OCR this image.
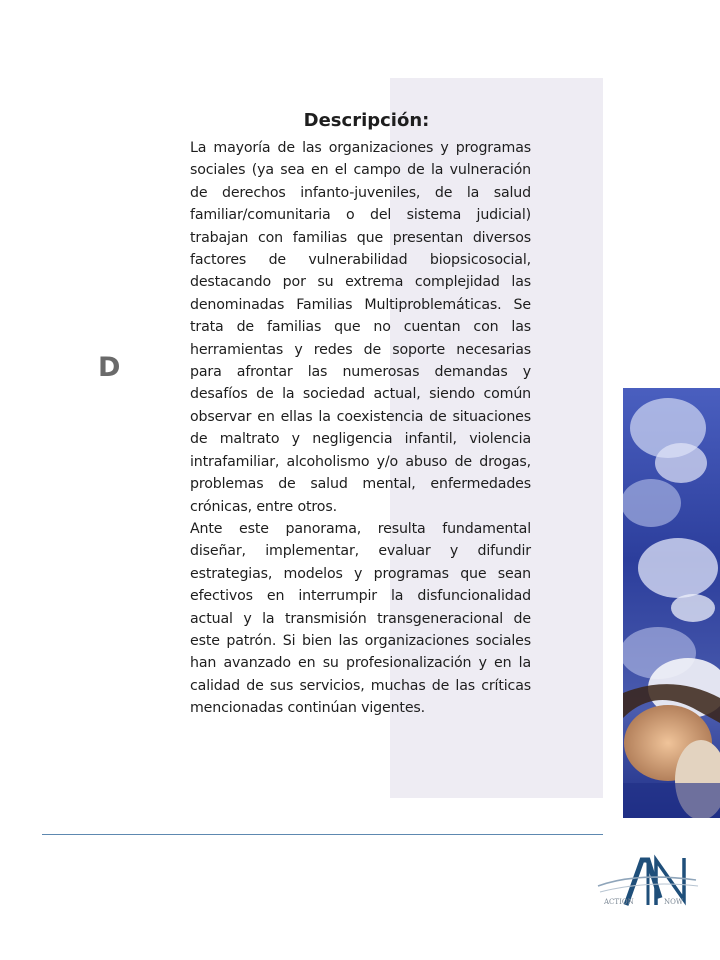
D
Descripción:

La mayoría de las organizaciones y programas sociales (ya sea en el campo de la vulneración de derechos infanto-juveniles, de la salud familiar/comunitaria o del sistema judicial) trabajan con familias que presentan diversos factores de vulnerabilidad biopsicosocial, destacando por su extrema complejidad las denominadas Familias Multiproblemáticas. Se trata de familias que no cuentan con las herramientas y redes de soporte necesarias para afrontar las numerosas demandas y desafíos de la sociedad actual, siendo común observar en ellas la coexistencia de situaciones de maltrato y negligencia infantil, violencia intrafamiliar, alcoholismo y/o abuso de drogas, problemas de salud mental, enfermedades crónicas, entre otros.

Ante este panorama, resulta fundamental diseñar, implementar, evaluar y difundir estrategias, modelos y programas que sean efectivos en interrumpir la disfuncionalidad actual y la transmisión transgeneracional de este patrón. Si bien las organizaciones sociales han avanzado en su profesionalización y en la calidad de sus servicios, muchas de las críticas mencionadas continúan vigentes.

ACTION	NOW
